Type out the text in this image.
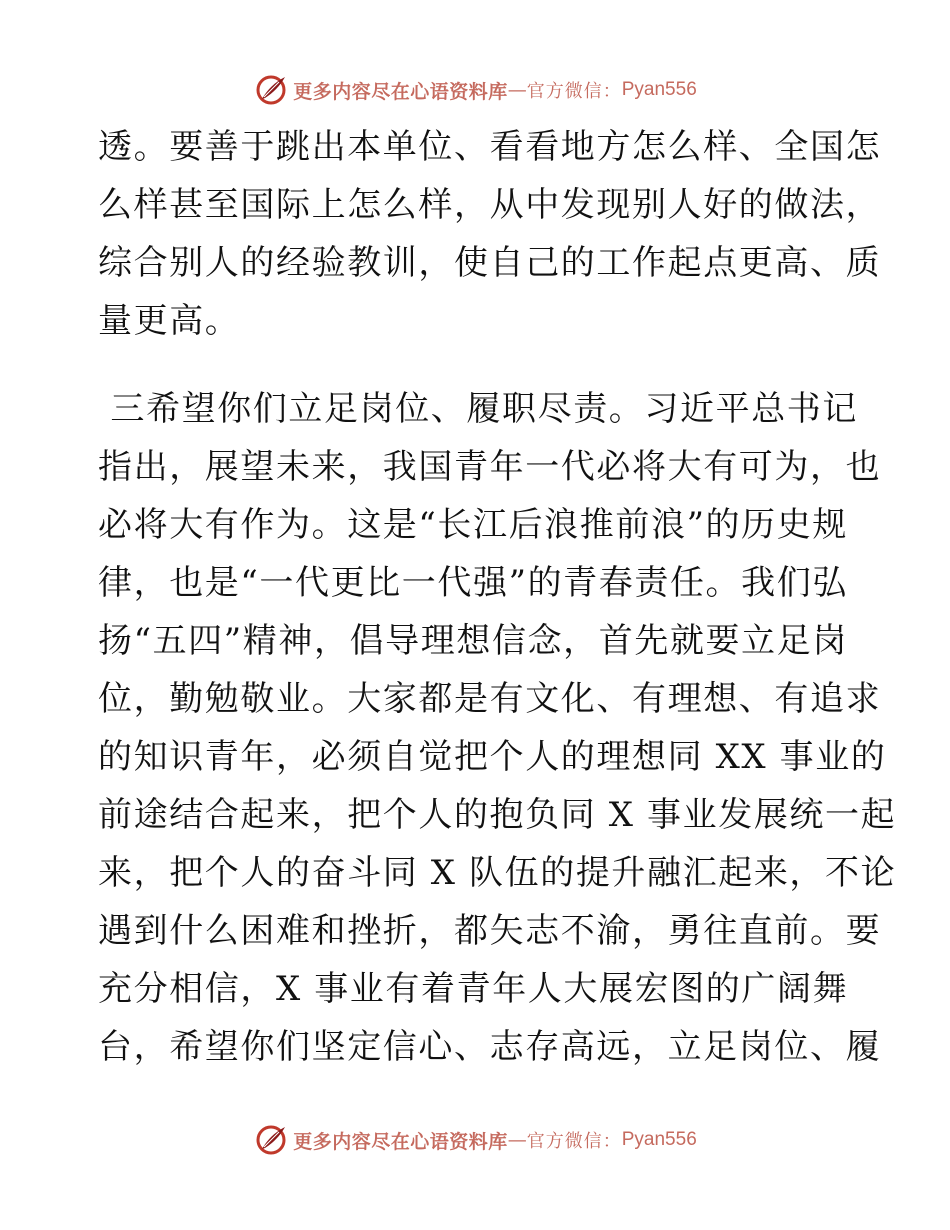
更多内容尽在心语资料库 — 官方微信： Pyan556
透。要善于跳出本单位、看看地方怎么样、全国怎
么样甚至国际上怎么样，从中发现别人好的做法，
综合别人的经验教训，使自己的工作起点更高、质
量更高。
三希望你们立足岗位、履职尽责。习近平总书记
指出，展望未来，我国青年一代必将大有可为，也
必将大有作为。这是“长江后浪推前浪”的历史规
律，也是“一代更比一代强”的青春责任。我们弘
扬“五四”精神，倡导理想信念，首先就要立足岗
位，勤勉敬业。大家都是有文化、有理想、有追求
的知识青年，必须自觉把个人的理想同 XX 事业的
前途结合起来，把个人的抱负同 X 事业发展统一起
来，把个人的奋斗同 X 队伍的提升融汇起来，不论
遇到什么困难和挫折，都矢志不渝，勇往直前。要
充分相信，X 事业有着青年人大展宏图的广阔舞
台，希望你们坚定信心、志存高远，立足岗位、履
更多内容尽在心语资料库 — 官方微信： Pyan556
